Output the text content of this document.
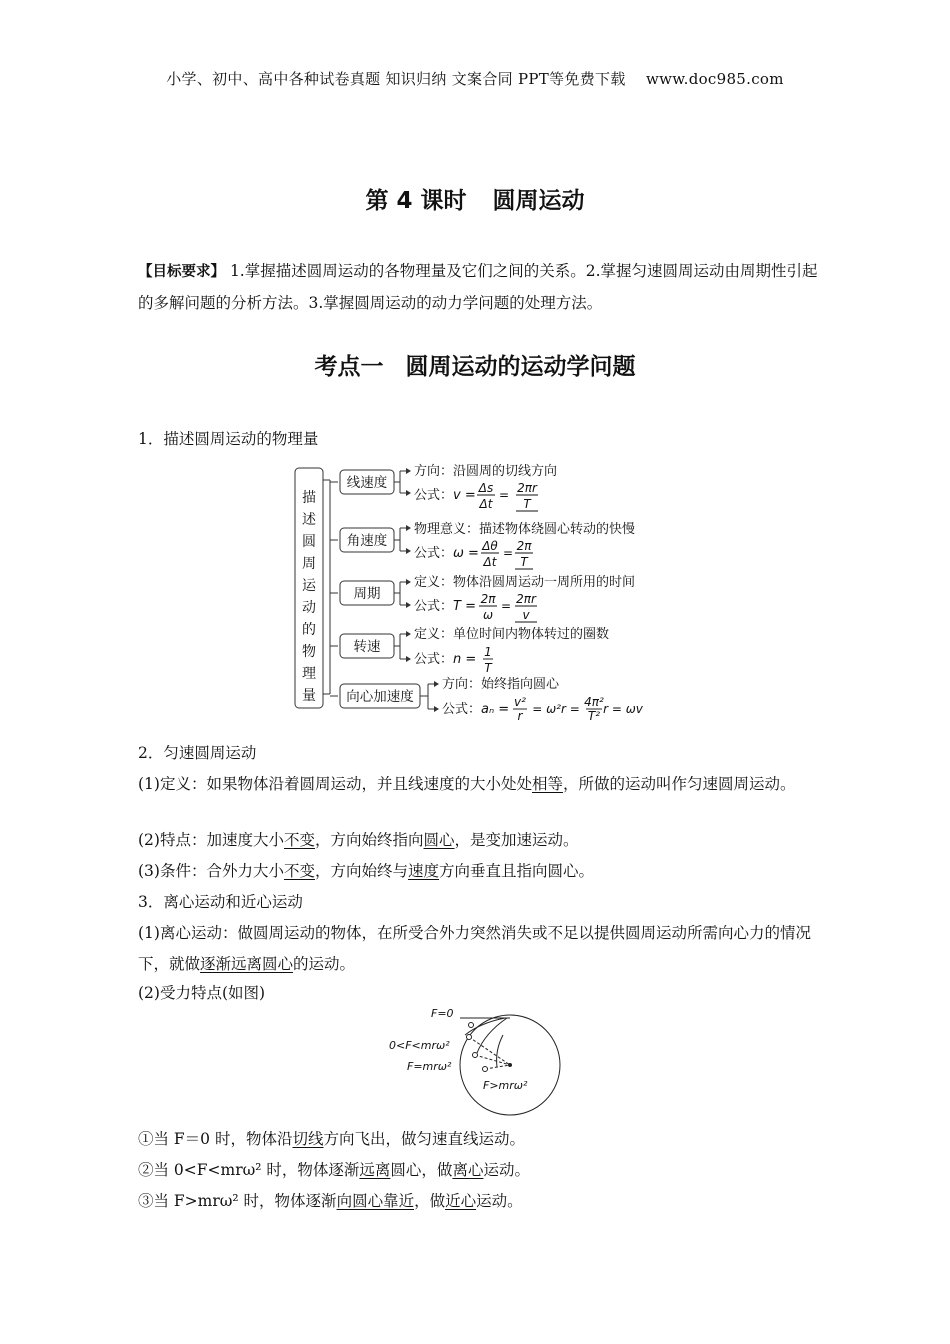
小学、初中、高中各种试卷真题 知识归纳 文案合同 PPT等免费下载　 www.doc985.com
第 4 课时 圆周运动
【目标要求】 1.掌握描述圆周运动的各物理量及它们之间的关系。2.掌握匀速圆周运动由周期性引起的多解问题的分析方法。3.掌握圆周运动的动力学问题的处理方法。
考点一 圆周运动的运动学问题
1．描述圆周运动的物理量
描
述
圆
周
运
动
的
物
理
量
线速度
角速度
周期
转速
向心加速度
方向：沿圆周的切线方向
公式：v =
物理意义：描述物体绕圆心转动的快慢
公式：ω =
定义：物体沿圆周运动一周所用的时间
公式：T =
定义：单位时间内物体转过的圈数
公式：n =
方向：始终指向圆心
公式：aₙ =
Δs
Δt
= 2πr
T
Δθ
Δt
= 2π
T
2π
ω
= 2πr
v
1
T
v²
r = ω²r = 4π²
T² r = ωv
2．匀速圆周运动
(1)定义：如果物体沿着圆周运动，并且线速度的大小处处相等，所做的运动叫作匀速圆周运动。
(2)特点：加速度大小不变，方向始终指向圆心，是变加速运动。
(3)条件：合外力大小不变，方向始终与速度方向垂直且指向圆心。
3．离心运动和近心运动
(1)离心运动：做圆周运动的物体，在所受合外力突然消失或不足以提供圆周运动所需向心力的情况下，就做逐渐远离圆心的运动。
(2)受力特点(如图)
F=0
0<F<mrω²
F=mrω²
F>mrω²
①当 F＝0 时，物体沿切线方向飞出，做匀速直线运动。
②当 0<F<mrω² 时，物体逐渐远离圆心，做离心运动。
③当 F>mrω² 时，物体逐渐向圆心靠近，做近心运动。
